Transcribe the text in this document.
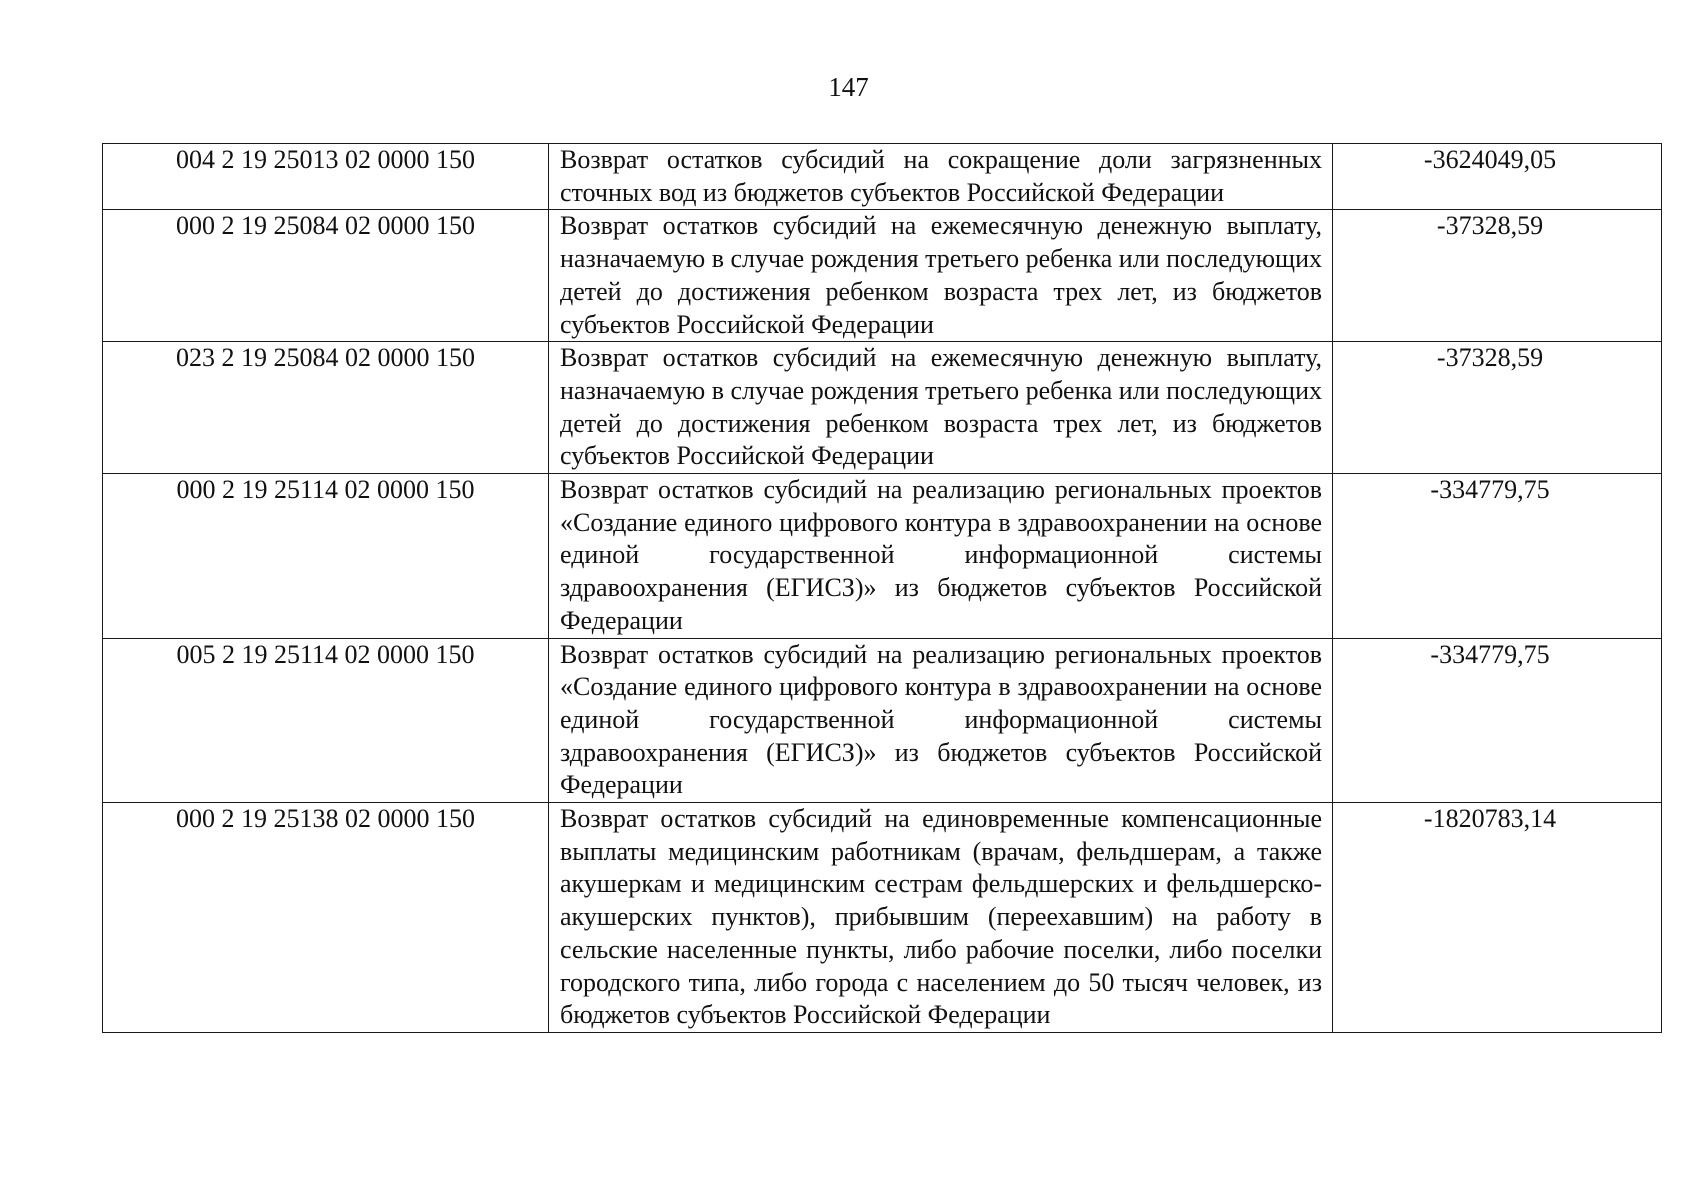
147
004 2 19 25013 02 0000 150	Возврат остатков субсидий на сокращение доли загрязненных сточных вод из бюджетов субъектов Российской Федерации	-3624049,05
000 2 19 25084 02 0000 150	Возврат остатков субсидий на ежемесячную денежную выплату, назначаемую в случае рождения третьего ребенка или последующих детей до достижения ребенком возраста трех лет, из бюджетов субъектов Российской Федерации	-37328,59
023 2 19 25084 02 0000 150	Возврат остатков субсидий на ежемесячную денежную выплату, назначаемую в случае рождения третьего ребенка или последующих детей до достижения ребенком возраста трех лет, из бюджетов субъектов Российской Федерации	-37328,59
000 2 19 25114 02 0000 150	Возврат остатков субсидий на реализацию региональных проектов «Создание единого цифрового контура в здравоохранении на основе единой государственной информационной системы здравоохранения (ЕГИСЗ)» из бюджетов субъектов Российской Федерации	-334779,75
005 2 19 25114 02 0000 150	Возврат остатков субсидий на реализацию региональных проектов «Создание единого цифрового контура в здравоохранении на основе единой государственной информационной системы здравоохранения (ЕГИСЗ)» из бюджетов субъектов Российской Федерации	-334779,75
000 2 19 25138 02 0000 150	Возврат остатков субсидий на единовременные компенсационные выплаты медицинским работникам (врачам, фельдшерам, а также акушеркам и медицинским сестрам фельдшерских и фельдшерско-акушерских пунктов), прибывшим (переехавшим) на работу в сельские населенные пункты, либо рабочие поселки, либо поселки городского типа, либо города с населением до 50 тысяч человек, из бюджетов субъектов Российской Федерации	-1820783,14
